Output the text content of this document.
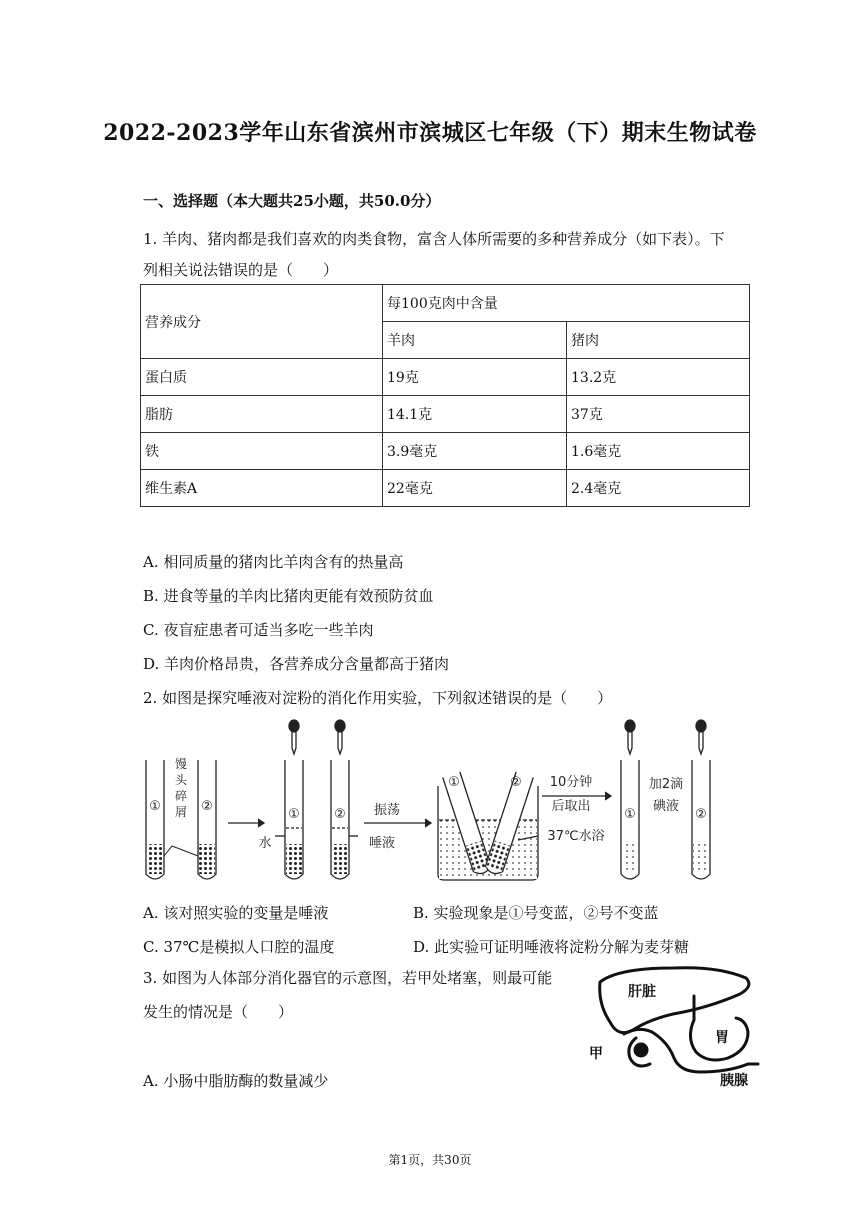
2022-2023学年山东省滨州市滨城区七年级（下）期末生物试卷
一、选择题（本大题共25小题，共50.0分）
1. 羊肉、猪肉都是我们喜欢的肉类食物，富含人体所需要的多种营养成分（如下表）。下
列相关说法错误的是（　　）
营养成分	每100克肉中含量	
	羊肉	猪肉
蛋白质	19克	13.2克
脂肪	14.1克	37克
铁	3.9毫克	1.6毫克
维生素A	22毫克	2.4毫克
A. 相同质量的猪肉比羊肉含有的热量高
B. 进食等量的羊肉比猪肉更能有效预防贫血
C. 夜盲症患者可适当多吃一些羊肉
D. 羊肉价格昂贵，各营养成分含量都高于猪肉
2. 如图是探究唾液对淀粉的消化作用实验，下列叙述错误的是（　　）
馒头碎屑
①	②
①	②	①	②
①	②
水	唾液
振荡
10分钟
后取出
37℃水浴
加2滴
碘液
A. 该对照实验的变量是唾液	B. 实验现象是①号变蓝，②号不变蓝
C. 37℃是模拟人口腔的温度	D. 此实验可证明唾液将淀粉分解为麦芽糖
3. 如图为人体部分消化器官的示意图，若甲处堵塞，则最可能
发生的情况是（　　）
肝脏
甲
胃
胰腺
A. 小肠中脂肪酶的数量减少
第1页，共30页
